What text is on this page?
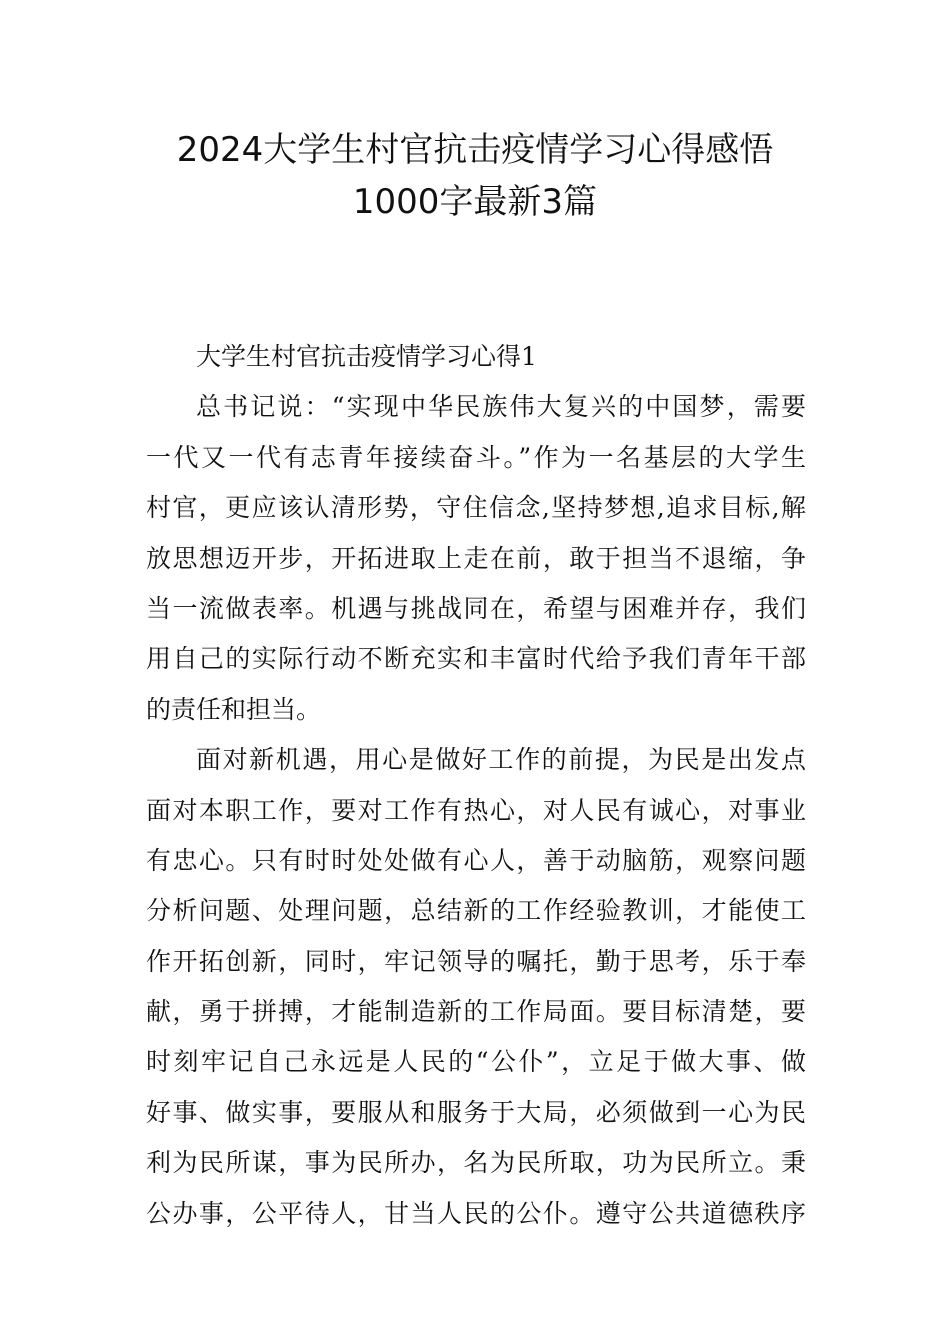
2024大学生村官抗击疫情学习心得感悟
1000字最新3篇

大学生村官抗击疫情学习心得1

总书记说：“实现中华民族伟大复兴的中国梦，需要
一代又一代有志青年接续奋斗。”作为一名基层的大学生
村官，更应该认清形势，守住信念,坚持梦想,追求目标,解
放思想迈开步，开拓进取上走在前，敢于担当不退缩，争
当一流做表率。机遇与挑战同在，希望与困难并存，我们
用自己的实际行动不断充实和丰富时代给予我们青年干部
的责任和担当。

面对新机遇，用心是做好工作的前提，为民是出发点
面对本职工作，要对工作有热心，对人民有诚心，对事业
有忠心。只有时时处处做有心人，善于动脑筋，观察问题
分析问题、处理问题，总结新的工作经验教训，才能使工
作开拓创新，同时，牢记领导的嘱托，勤于思考，乐于奉
献，勇于拼搏，才能制造新的工作局面。要目标清楚，要
时刻牢记自己永远是人民的“公仆”，立足于做大事、做
好事、做实事，要服从和服务于大局，必须做到一心为民
利为民所谋，事为民所办，名为民所取，功为民所立。秉
公办事，公平待人，甘当人民的公仆。遵守公共道德秩序
